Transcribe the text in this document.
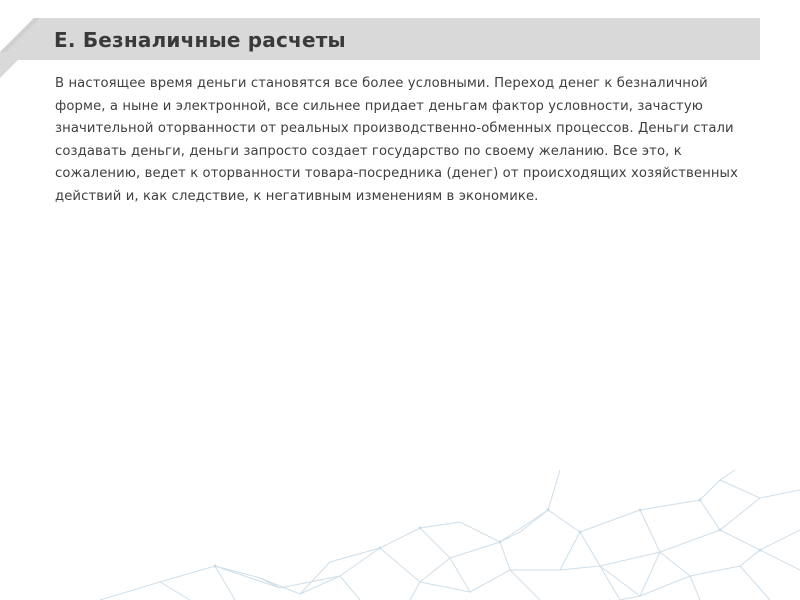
Е. Безналичные расчеты

В настоящее время деньги становятся все более условными. Переход денег к безналичной форме, а ныне и электронной, все сильнее придает деньгам фактор условности, зачастую значительной оторванности от реальных производственно-обменных процессов. Деньги стали создавать деньги, деньги запросто создает государство по своему желанию. Все это, к сожалению, ведет к оторванности товара-посредника (денег) от происходящих хозяйственных действий и, как следствие, к негативным изменениям в экономике.
